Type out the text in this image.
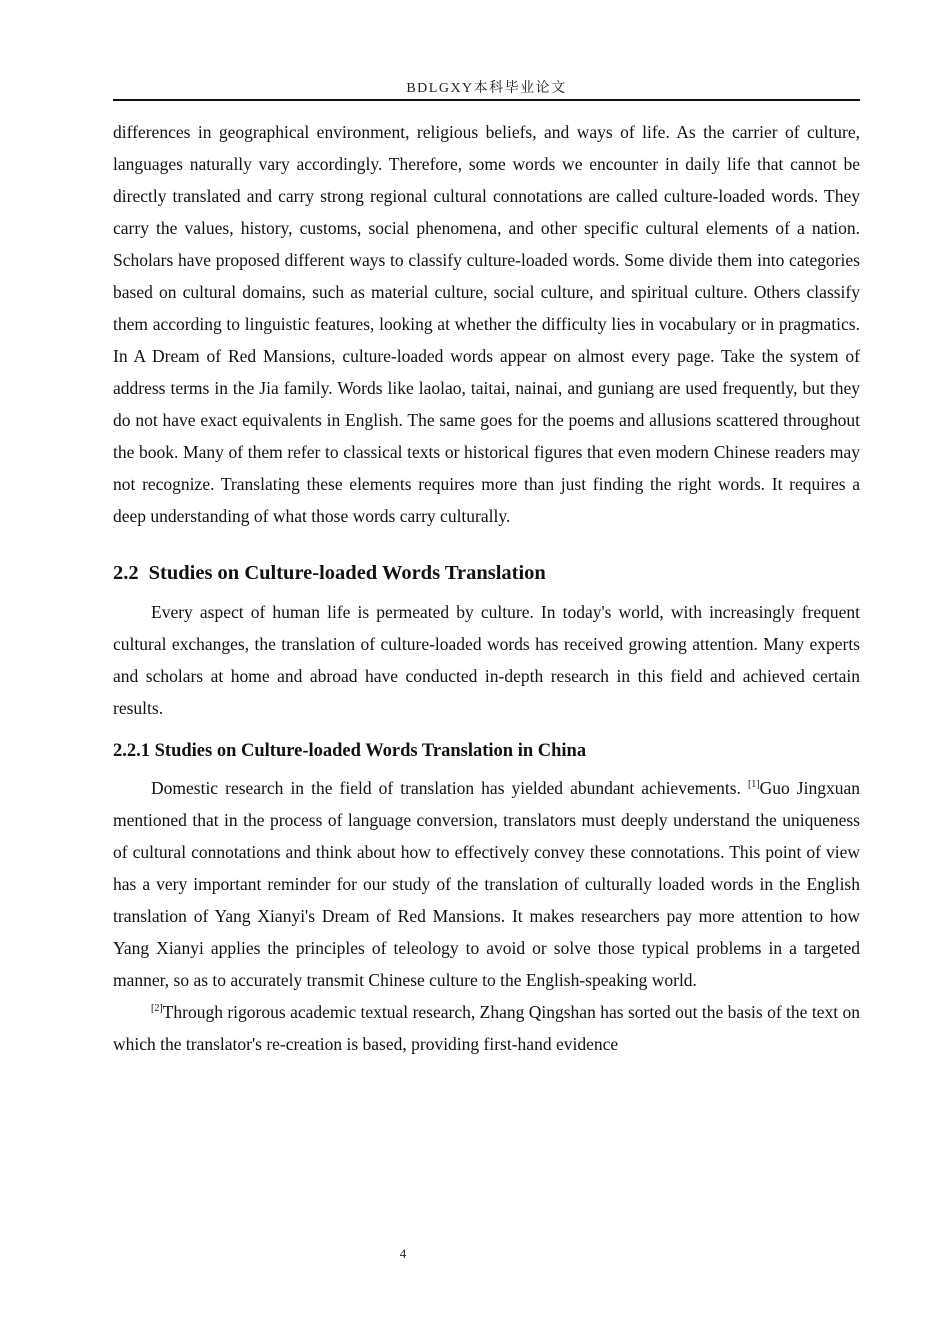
BDLGXY本科毕业论文

differences in geographical environment, religious beliefs, and ways of life. As the carrier of culture, languages naturally vary accordingly. Therefore, some words we encounter in daily life that cannot be directly translated and carry strong regional cultural connotations are called culture-loaded words. They carry the values, history, customs, social phenomena, and other specific cultural elements of a nation. Scholars have proposed different ways to classify culture-loaded words. Some divide them into categories based on cultural domains, such as material culture, social culture, and spiritual culture. Others classify them according to linguistic features, looking at whether the difficulty lies in vocabulary or in pragmatics. In A Dream of Red Mansions, culture-loaded words appear on almost every page. Take the system of address terms in the Jia family. Words like laolao, taitai, nainai, and guniang are used frequently, but they do not have exact equivalents in English. The same goes for the poems and allusions scattered throughout the book. Many of them refer to classical texts or historical figures that even modern Chinese readers may not recognize. Translating these elements requires more than just finding the right words. It requires a deep understanding of what those words carry culturally.

2.2 Studies on Culture-loaded Words Translation

Every aspect of human life is permeated by culture. In today's world, with increasingly frequent cultural exchanges, the translation of culture-loaded words has received growing attention. Many experts and scholars at home and abroad have conducted in-depth research in this field and achieved certain results.

2.2.1 Studies on Culture-loaded Words Translation in China

Domestic research in the field of translation has yielded abundant achievements. [1]Guo Jingxuan mentioned that in the process of language conversion, translators must deeply understand the uniqueness of cultural connotations and think about how to effectively convey these connotations. This point of view has a very important reminder for our study of the translation of culturally loaded words in the English translation of Yang Xianyi's Dream of Red Mansions. It makes researchers pay more attention to how Yang Xianyi applies the principles of teleology to avoid or solve those typical problems in a targeted manner, so as to accurately transmit Chinese culture to the English-speaking world.

[2]Through rigorous academic textual research, Zhang Qingshan has sorted out the basis of the text on which the translator's re-creation is based, providing first-hand evidence

4
